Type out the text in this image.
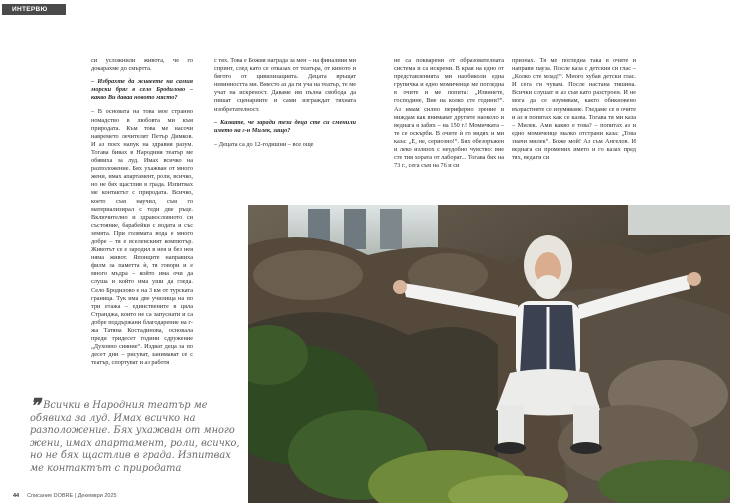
ИНТЕРВЮ

си усложнили живота, че го докарахме до смъртта.

– Избрахте да живеете на самия морски бряг в село Бродилово – какво Ви даваа новото място?

– В основата на това мое странно номадство в любовта ми към природата. Към това ме насочи навремето лечителят Петър Димков. И аз поех напук на здравия разум. Тогава бивах в Народния театър ме обявиха за луд. Имах всичко на разположение. Бях ухажван от много жени, имах апартамент, роли, всичко, но не бях щастлив в града. Изпитвах ме контактът с природата. Всичко, което съм научил, съм го материализирал с теди две ръцe. Включително и здравословното си състояние, барабейки с водата и със земята. При голямата вода е много добре – тя е вселенският компютър. Животът се е зародил в нея и без нея няма живот. Японците направиха филм за паметта ѝ, тя говори и е много мъдра – който има очи да слуша и който има уши да гледа. Село Бродилово е на 3 км от турската граница. Тук има две училища на по три етажа – единствените в цяла Странджа, които не са запуснати и са добре поддържани благодарение на г-жа Татяна Костадинова, основала преди тридесет години сдружение „Духовно сияние“. Издват деца за по десет дни – рисуват, занимават се с театър, спортуват и аз работя

с тях. Това е Божия награда за мен – на финалния ми спринт, след като се отказах от театъра, от киното и бягото от цивилизацията. Децата връщат невинността ми. Вместо аз да ги уча на театър, те ме учат на искреност. Даваме им пълна свобода да пишат сценариите и сами изграждат тяхната изобретателност.

– Казвате, че заради тези деца сте си сменили името на г-н Милек, защо?

– Децата са до 12-годишни – все още

не са покварени от образователната система и са искрени. В края на едно от представленията ми наобиколи една групичка и едно момиченце ме погледна в очите и ме попита: „Извинете, господине, Вие на колко сте години?“. Аз имам силно периферно зрение и виждам как внимават другите наоколо и веднага я забих – на 150 г.! Момичката – те се оскърби. В очите ѝ го видях и ми каза: „Е, не, сериозно!“. Бях обезоръжен и леко излязох с неудобно чувство: вие сте тия хората от лаборат... Тогава бях на 73 г., сега съм на 76 и си

признах. Тя ме погледна така в очите и направи пауза. После каза с детския си глас – „Колко сте млад!“. Много хубав детски глас. И сега ги чувам. После настана тишина. Всички слушат и аз съм като разстроен. И не мога да се изумявам, както обикновено възрастните се изумяваме. Гледаме се в очите и аз я попитах как се казва. Тогава тя ми каза – Милек. Ами какво е това? – попитах аз и едно момиченце малко отстрани каза: „Това значи милек“. Боже мой! Аз съм Ангелов. И веднага си промених името и го казах пред тях, ведаги си

❞ Всички в Народния театър ме обявиха за луд. Имах всичко на разположение. Бях ухажван от много жени, имах апартамент, роли, всичко, но не бях щастлив в града. Изпитвах ме контактът с природата
44 Списание DOBRE | Декември 2025
